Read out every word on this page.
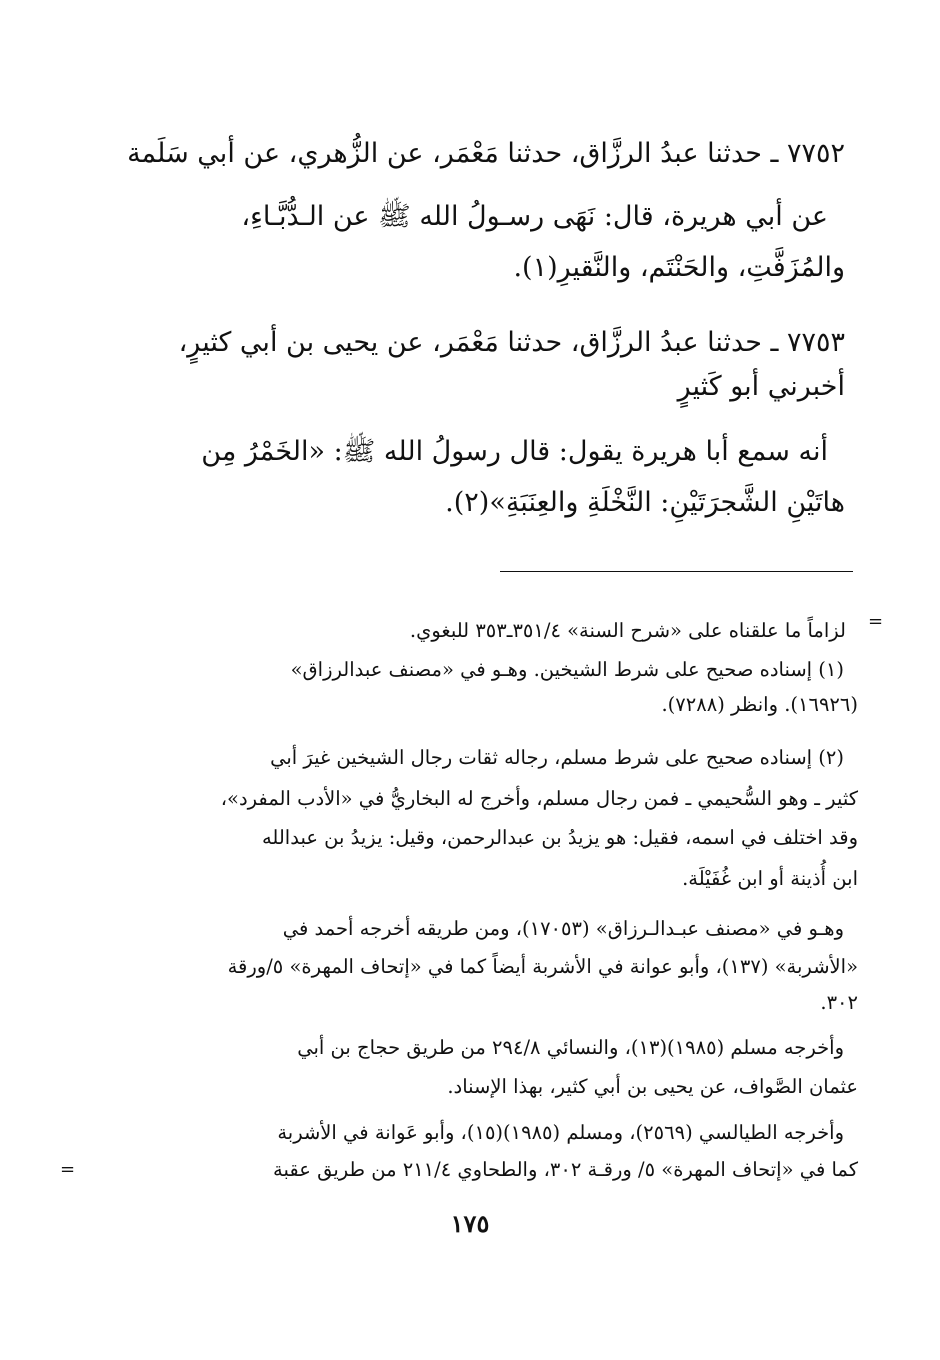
٧٧٥٢ ـ حدثنا عبدُ الرزَّاق، حدثنا مَعْمَر، عن الزُّهري، عن أبي سَلَمة
عن أبي هريرة، قال: نَهَى رسـولُ الله ﷺ عن الـدُّبَّـاءِ،
والمُزَفَّتِ، والحَنْتَم، والنَّقيرِ(١).
٧٧٥٣ ـ حدثنا عبدُ الرزَّاق، حدثنا مَعْمَر، عن يحيى بن أبي كثيرٍ،
أخبرني أبو كَثيرٍ
أنه سمع أبا هريرة يقول: قال رسولُ الله ﷺ: «الخَمْرُ مِن
هاتَيْنِ الشَّجرَتَيْنِ: النَّخْلَةِ والعِنَبَةِ»(٢).
=
لزاماً ما علقناه على «شرح السنة» ٣٥١/٤ـ٣٥٣ للبغوي.
(١) إسناده صحيح على شرط الشيخين. وهـو في «مصنف عبدالرزاق»
(١٦٩٢٦). وانظر (٧٢٨٨).
(٢) إسناده صحيح على شرط مسلم، رجاله ثقات رجال الشيخين غيرَ أبي
كثير ـ وهو السُّحيمي ـ فمن رجال مسلم، وأخرج له البخاريُّ في «الأدب المفرد»،
وقد اختلف في اسمه، فقيل: هو يزيدُ بن عبدالرحمن، وقيل: يزيدُ بن عبدالله
ابن أُذينة أو ابن غُفَيْلَة.
وهـو في «مصنف عبـدالـرزاق» (١٧٠٥٣)، ومن طريقه أخرجه أحمد في
«الأشربة» (١٣٧)، وأبو عوانة في الأشربة أيضاً كما في «إتحاف المهرة» ٥/ورقة
٣٠٢.
وأخرجه مسلم (١٩٨٥)(١٣)، والنسائي ٢٩٤/٨ من طريق حجاج بن أبي
عثمان الصَّواف، عن يحيى بن أبي كثير، بهذا الإسناد.
وأخرجه الطيالسي (٢٥٦٩)، ومسلم (١٩٨٥)(١٥)، وأبو عَوانة في الأشربة
كما في «إتحاف المهرة» ٥/ ورقـة ٣٠٢، والطحاوي ٢١١/٤ من طريق عقبة
=
١٧٥
